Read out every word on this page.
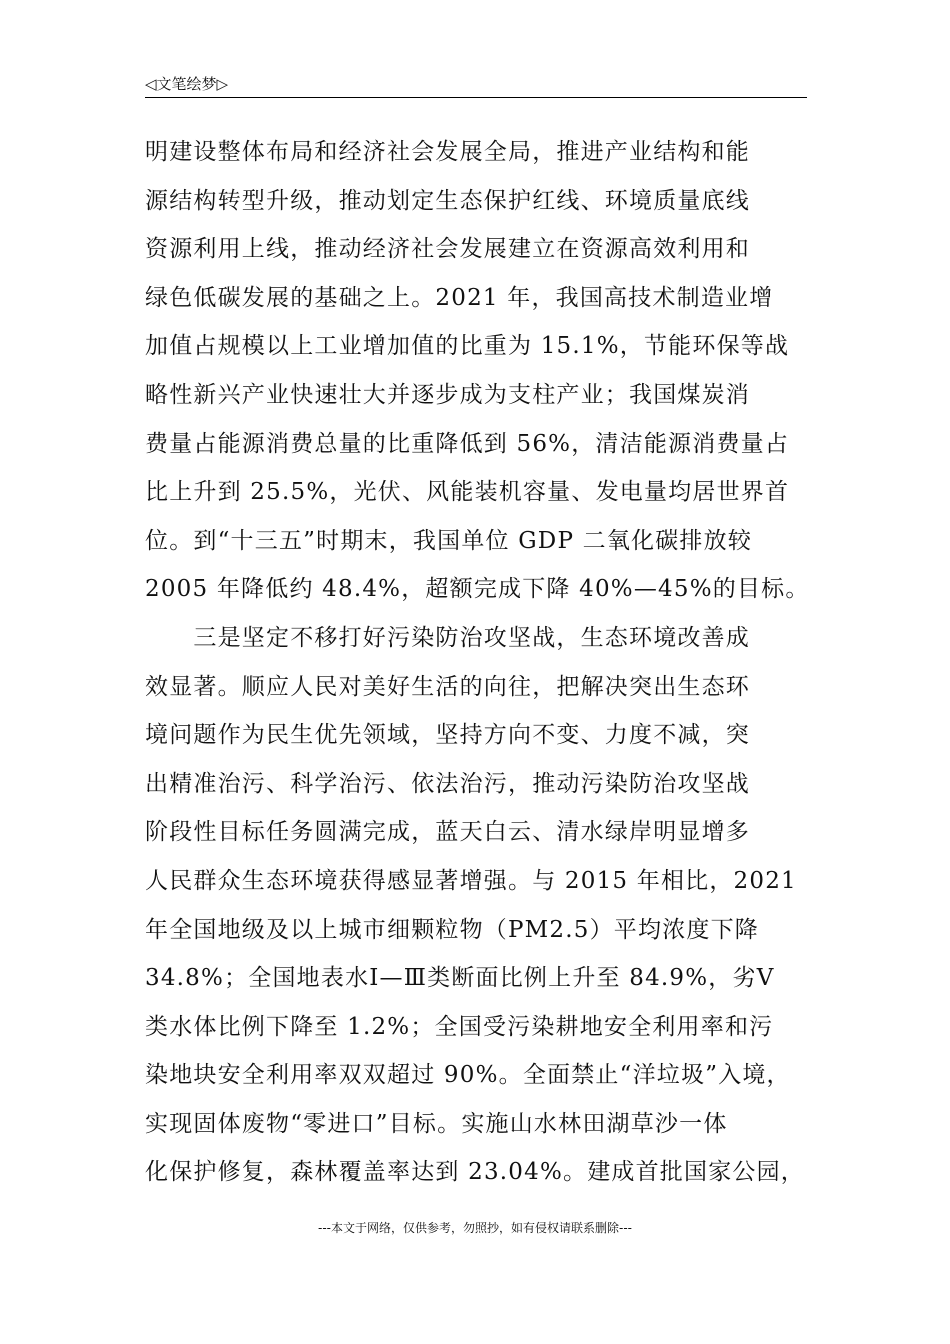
◁文笔绘梦▷
明建设整体布局和经济社会发展全局，推进产业结构和能
源结构转型升级，推动划定生态保护红线、环境质量底线
资源利用上线，推动经济社会发展建立在资源高效利用和
绿色低碳发展的基础之上。2021 年，我国高技术制造业增
加值占规模以上工业增加值的比重为 15.1%，节能环保等战
略性新兴产业快速壮大并逐步成为支柱产业；我国煤炭消
费量占能源消费总量的比重降低到 56%，清洁能源消费量占
比上升到 25.5%，光伏、风能装机容量、发电量均居世界首
位。到“十三五”时期末，我国单位 GDP 二氧化碳排放较
2005 年降低约 48.4%，超额完成下降 40%—45%的目标。
　　三是坚定不移打好污染防治攻坚战，生态环境改善成
效显著。顺应人民对美好生活的向往，把解决突出生态环
境问题作为民生优先领域，坚持方向不变、力度不减，突
出精准治污、科学治污、依法治污，推动污染防治攻坚战
阶段性目标任务圆满完成，蓝天白云、清水绿岸明显增多
人民群众生态环境获得感显著增强。与 2015 年相比，2021
年全国地级及以上城市细颗粒物（PM2.5）平均浓度下降
34.8%；全国地表水Ⅰ—Ⅲ类断面比例上升至 84.9%，劣Ⅴ
类水体比例下降至 1.2%；全国受污染耕地安全利用率和污
染地块安全利用率双双超过 90%。全面禁止“洋垃圾”入境，
实现固体废物“零进口”目标。实施山水林田湖草沙一体
化保护修复，森林覆盖率达到 23.04%。建成首批国家公园，
---本文于网络，仅供参考，勿照抄，如有侵权请联系删除---
